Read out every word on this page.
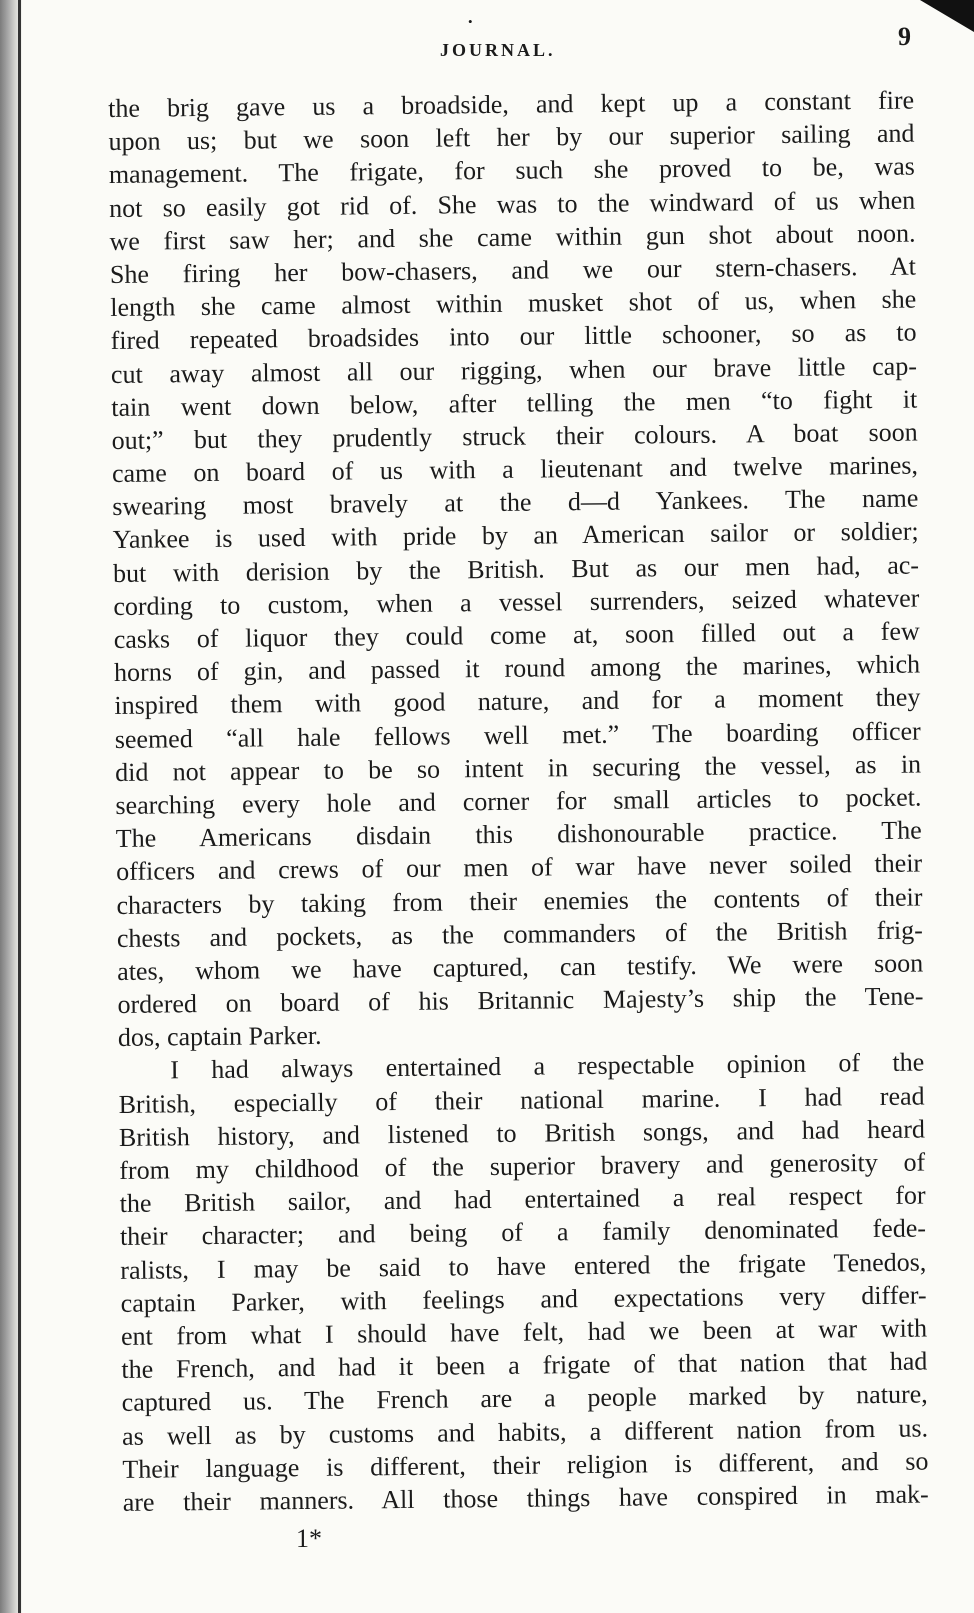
•
JOURNAL.	9
the brig gave us a broadside, and kept up a constant fire
upon us; but we soon left her by our superior sailing and
management. The frigate, for such she proved to be, was
not so easily got rid of. She was to the windward of us when
we first saw her; and she came within gun shot about noon.
She firing her bow-chasers, and we our stern-chasers. At
length she came almost within musket shot of us, when she
fired repeated broadsides into our little schooner, so as to
cut away almost all our rigging, when our brave little cap-
tain went down below, after telling the men “to fight it
out;” but they prudently struck their colours. A boat soon
came on board of us with a lieutenant and twelve marines,
swearing most bravely at the d—d Yankees. The name
Yankee is used with pride by an American sailor or soldier;
but with derision by the British. But as our men had, ac-
cording to custom, when a vessel surrenders, seized whatever
casks of liquor they could come at, soon filled out a few
horns of gin, and passed it round among the marines, which
inspired them with good nature, and for a moment they
seemed “all hale fellows well met.” The boarding officer
did not appear to be so intent in securing the vessel, as in
searching every hole and corner for small articles to pocket.
The Americans disdain this dishonourable practice. The
officers and crews of our men of war have never soiled their
characters by taking from their enemies the contents of their
chests and pockets, as the commanders of the British frig-
ates, whom we have captured, can testify. We were soon
ordered on board of his Britannic Majesty’s ship the Tene-
dos, captain Parker.
I had always entertained a respectable opinion of the
British, especially of their national marine. I had read
British history, and listened to British songs, and had heard
from my childhood of the superior bravery and generosity of
the British sailor, and had entertained a real respect for
their character; and being of a family denominated fede-
ralists, I may be said to have entered the frigate Tenedos,
captain Parker, with feelings and expectations very differ-
ent from what I should have felt, had we been at war with
the French, and had it been a frigate of that nation that had
captured us. The French are a people marked by nature,
as well as by customs and habits, a different nation from us.
Their language is different, their religion is different, and so
are their manners. All those things have conspired in mak-
1*
